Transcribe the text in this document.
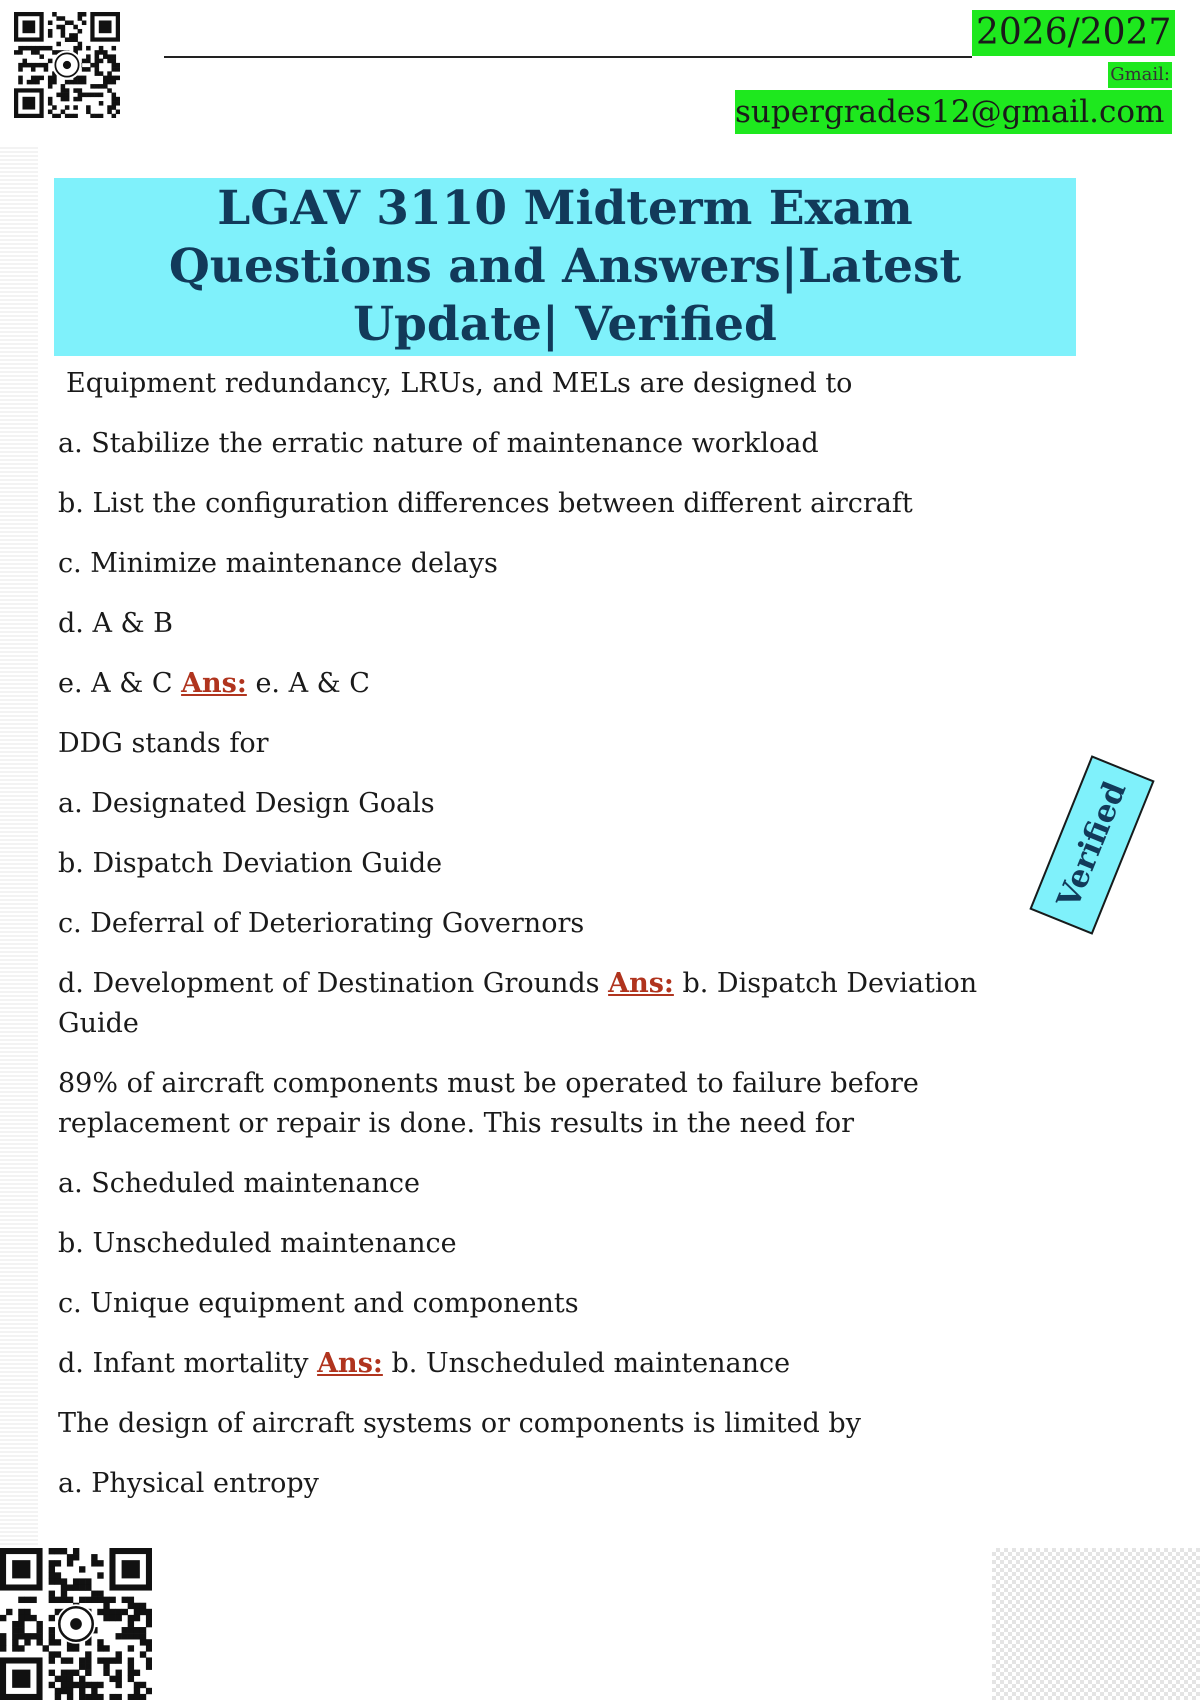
2026/2027
Gmail:
supergrades12@gmail.com
LGAV 3110 Midterm Exam Questions and Answers|Latest Update| Verified

Equipment redundancy, LRUs, and MELs are designed to

a. Stabilize the erratic nature of maintenance workload

b. List the configuration differences between different aircraft

c. Minimize maintenance delays

d. A & B

e. A & C Ans: e. A & C

DDG stands for

a. Designated Design Goals

b. Dispatch Deviation Guide

c. Deferral of Deteriorating Governors

d. Development of Destination Grounds Ans: b. Dispatch Deviation Guide

89% of aircraft components must be operated to failure before replacement or repair is done. This results in the need for

a. Scheduled maintenance

b. Unscheduled maintenance

c. Unique equipment and components

d. Infant mortality Ans: b. Unscheduled maintenance

The design of aircraft systems or components is limited by

a. Physical entropy

Verified
